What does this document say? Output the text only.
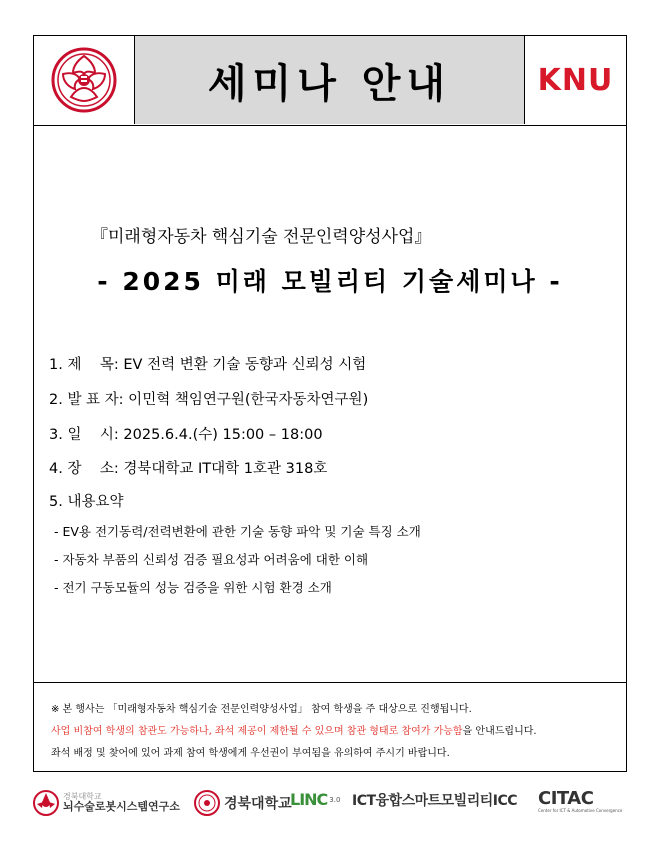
세미나 안내	KNU
『미래형자동차 핵심기술 전문인력양성사업』
- 2025 미래 모빌리티 기술세미나 -
1. 제    목: EV 전력 변환 기술 동향과 신뢰성 시험
2. 발 표 자: 이민혁 책임연구원(한국자동차연구원)
3. 일    시: 2025.6.4.(수) 15:00 – 18:00
4. 장    소: 경북대학교 IT대학 1호관 318호
5. 내용요약
- EV용 전기동력/전력변환에 관한 기술 동향 파악 및 기술 특징 소개
- 자동차 부품의 신뢰성 검증 필요성과 어려움에 대한 이해
- 전기 구동모듈의 성능 검증을 위한 시험 환경 소개
※ 본 행사는 「미래형자동차 핵심기술 전문인력양성사업」 참여 학생을 주 대상으로 진행됩니다.
사업 비참여 학생의 참관도 가능하나, 좌석 제공이 제한될 수 있으며 참관 형태로 참여가 가능함을 안내드립니다.
좌석 배정 및 찾어에 있어 과제 참여 학생에게 우선권이 부여됨을 유의하여 주시기 바랍니다.
경북대학교
뇌수술로봇시스템연구소	경북대학교
LINC 3.0 ICT융합스마트모빌리티ICC CITAC
Center for ICT & Automotive Convergence
